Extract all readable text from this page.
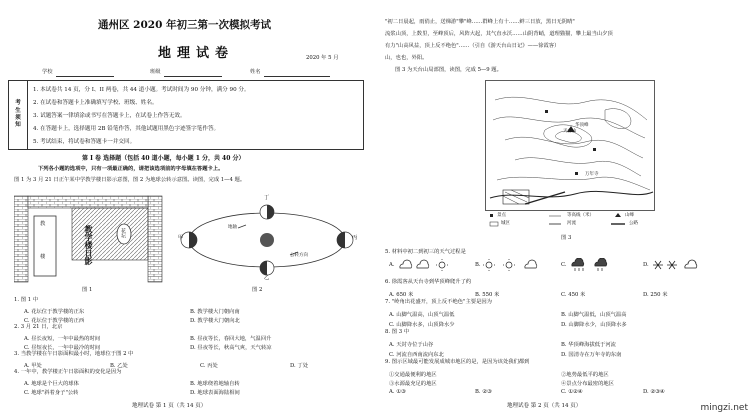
通州区 2020 年初三第一次模拟考试
地理试卷	2020 年 5 月
学校	班级	姓名
考
生
须
知
1. 本试卷共 14 页，分 I、II 两卷，共 44 道小题。考试时间为 90 分钟，满分 90 分。
2. 在试卷和答题卡上准确填写学校、班级、姓名。
3. 试题答案一律填涂或书写在答题卡上，在试卷上作答无效。
4. 在答题卡上，选择题用 2B 铅笔作答，其他试题用黑色字迹签字笔作答。
5. 考试结束，将试卷和答题卡一并交回。
第 I 卷 选择题（包括 40 道小题，每小题 1 分，共 40 分）
下列各小题的选项中，只有一项最正确的，请把该选项前的字母填在答题卡上。
图 1 为 3 月 21 日正午某中学教学楼日影示意图，图 2 为地球公转示意图。读图，完成 1—4 题。
教学楼日影
教
楼
花坛
图 1
甲
乙
丙
丁
地轴
公转方向
图 2
1. 图 1 中
A. 花坛位于教学楼的正东	B. 教学楼大门朝向南
C. 花坛位于教学楼的正西	D. 教学楼大门朝向北
2. 3 月 21 日，北京
A. 昼长夜短，一年中最热的时间	B. 昼夜等长，春回大地，气温回升
C. 昼短夜长，一年中最冷的时间	D. 昼夜等长，秋高气爽，天气转凉
3. 当教学楼在午日影面积最小时，地球位于图 2 中
A. 甲处	B. 乙处	C. 丙处	D. 丁处
4. 一年中，教学楼正午日影面积的变化是因为
A. 地球是个巨大的球体	B. 地球绕着地轴自转
C. 地球"斜着身子"公转	D. 地球表面海陆相间
地理试卷 第 1 页（共 14 页）
"初二日晨起，雨俏止，送梯游"攀"峰……群峰上有十……鲜三日放，黑日无阴晴"
流浆山顶，上数里，至峰顶后，风阵大起，其气直水沃……山阴背峭，道理猫猫，攀上最当山夕顶
有力"山高风益，顶上反不绝色"……（引自《游天台山日记》——徐霞客）
山，也也，外阳。
图 3 为天台山局部图，读图，完成 5—9 题。
天台山
华顶峰
万年寺
景点	等高线（米）	山峰
城区	河流	公路
图 3
5. 材料中初二到初三的天气过程是
A.	B.	C.	D.
6. 徐霞客从天台寺到华顶峰爬升了约
A. 650 米	B. 550 米	C. 450 米	D. 250 米
7. "岭角出花盛开，顶上反不绝色"主要是因为
A. 山脚气温高，山顶气温低	B. 山脚气温低，山顶气温高
C. 山脚降水多，山顶降水少	D. 山脚降水少，山顶降水多
8. 图 3 中
A. 天封寺位于山谷	B. 华顶峰海拔低于河流
C. 河流自西南流向东北	D. 国清寺在万年寺的东南
9. 图示区域最可能发展成城市地区的是，是因为该处我们都到
①交通最便利的地区	②地势最低平的地区
③水源最充足的地区	④景点分布最密的地区
A. ①③	B. ②③	C. ①②④	D. ②③④
地理试卷 第 2 页（共 14 页）	mingzi.net
